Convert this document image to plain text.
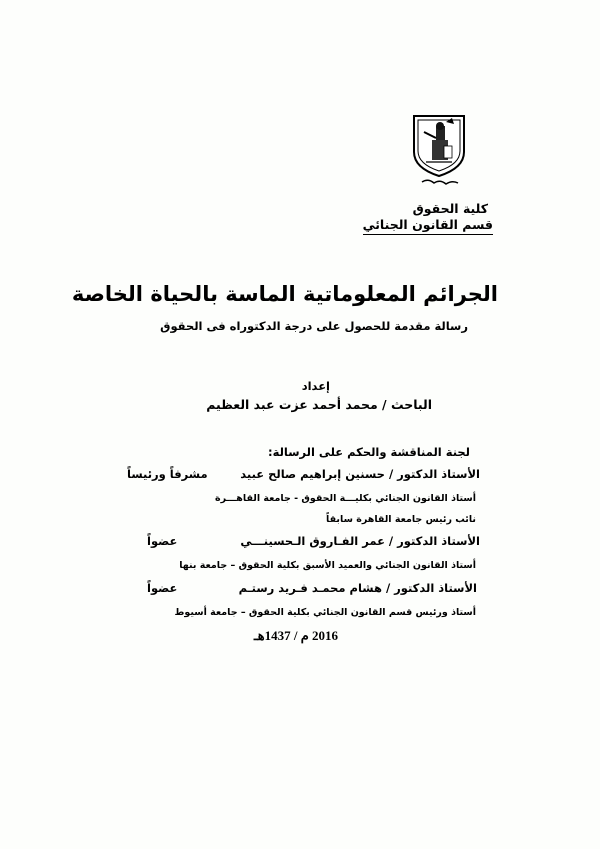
كلية الحقوق
قسم القانون الجنائي
الجرائم المعلوماتية الماسة بالحياة الخاصة
رسالة مقدمة للحصول على درجة الدكتوراه فى الحقوق
إعداد
الباحث / محمد أحمد عزت عبد العظيم
لجنة المناقشة والحكم على الرسالة:
الأستاذ الدكتور / حسنين إبراهيم صالح عبيد
مشرفاً ورئيساً
أستاذ القانون الجنائي بكليـــة الحقوق - جامعة القاهـــرة
نائب رئيس جامعة القاهرة سابقاً
الأستاذ الدكتور / عمر الفـاروق الـحسينـــي
عضواً
أستاذ القانون الجنائي والعميد الأسبق بكلية الحقوق – جامعة بنها
الأستاذ الدكتور / هشام محمـد فـريد رستـم
عضواً
أستاذ ورئيس قسم القانون الجنائي بكلية الحقوق – جامعة أسيوط
2016 م / 1437هـ
